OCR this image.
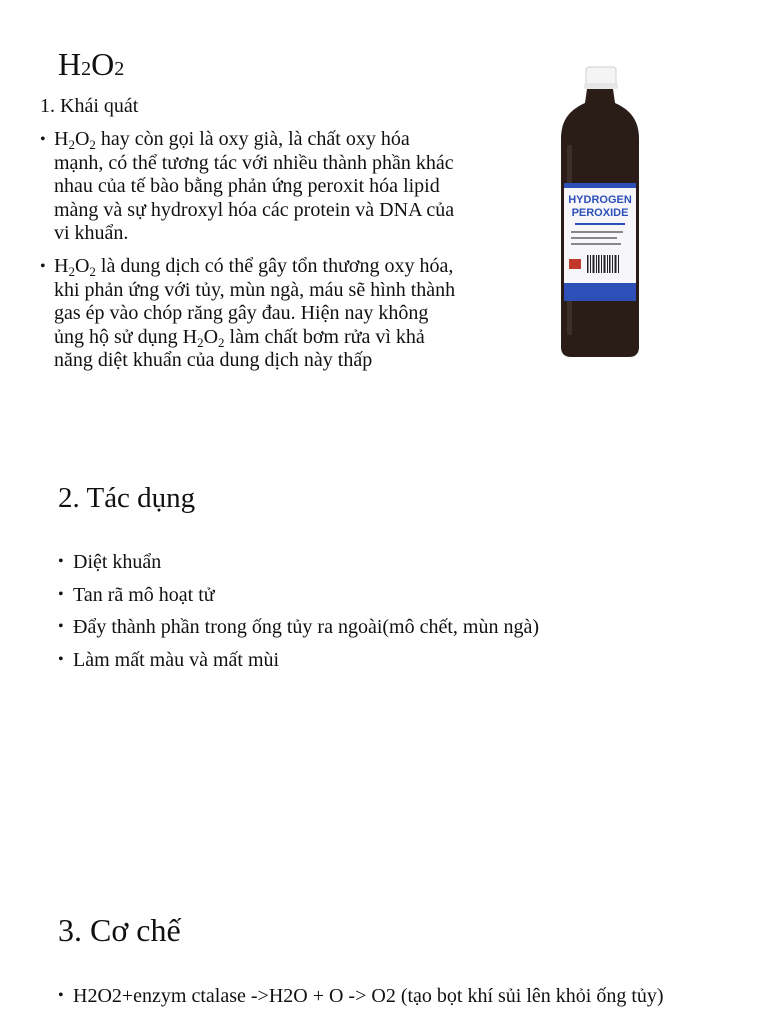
H2O2
1. Khái quát
• $H_2O_2$ hay còn gọi là oxy già, là chất oxy hóa mạnh, có thể tương tác với nhiều thành phần khác nhau của tế bào bằng phản ứng peroxit hóa lipid màng và sự hydroxyl hóa các protein và DNA của vi khuẩn.
• $H_2O_2$ là dung dịch có thể gây tổn thương oxy hóa, khi phản ứng với tủy, mùn ngà, máu sẽ hình thành gas ép vào chóp răng gây đau. Hiện nay không ủng hộ sử dụng $H_2O_2$ làm chất bơm rửa vì khả năng diệt khuẩn của dung dịch này thấp
HYDROGEN
PEROXIDE
2. Tác dụng
• Diệt khuẩn
• Tan rã mô hoạt tử
• Đẩy thành phần trong ống tủy ra ngoài(mô chết, mùn ngà)
• Làm mất màu và mất mùi
3. Cơ chế
• H2O2+enzym ctalase ->H2O + O -> O2 (tạo bọt khí sủi lên khỏi ống tủy)
